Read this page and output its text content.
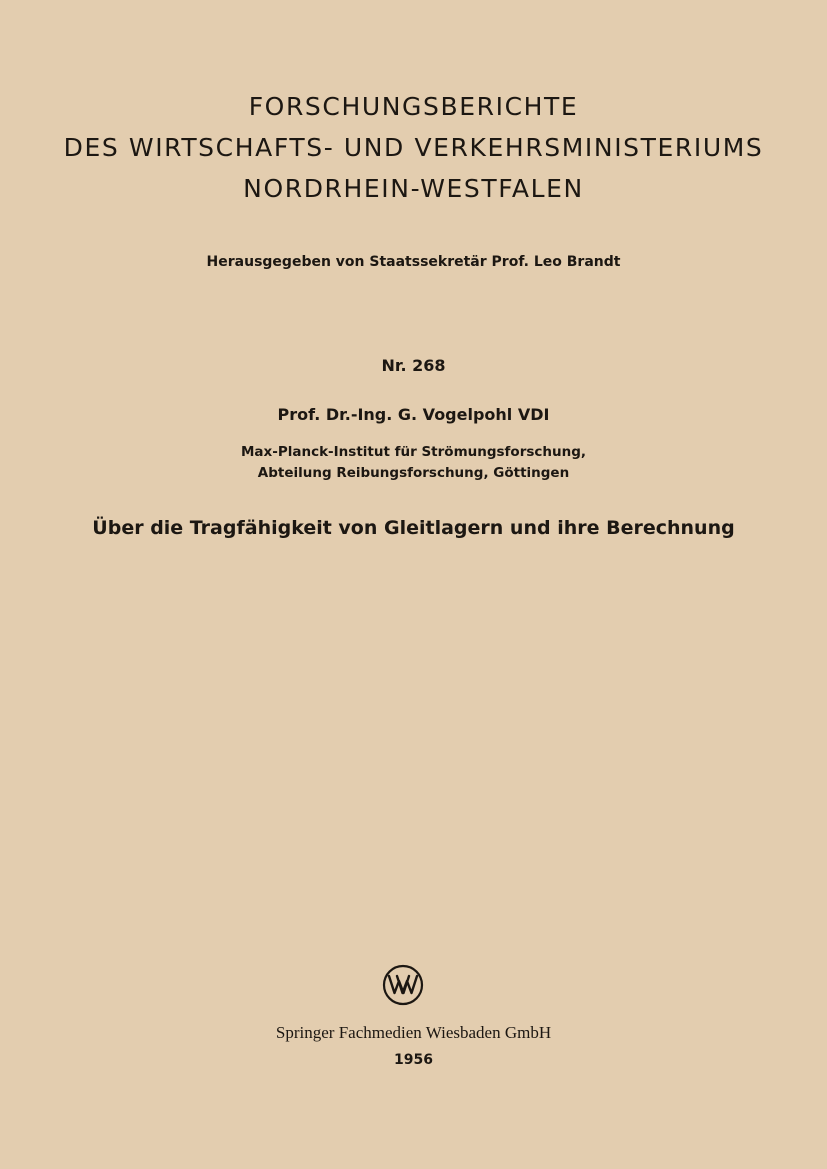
FORSCHUNGSBERICHTE
DES WIRTSCHAFTS- UND VERKEHRSMINISTERIUMS
NORDRHEIN-WESTFALEN
Herausgegeben von Staatssekretär Prof. Leo Brandt
Nr. 268
Prof. Dr.-Ing. G. Vogelpohl VDI
Max-Planck-Institut für Strömungsforschung,
Abteilung Reibungsforschung, Göttingen
Über die Tragfähigkeit von Gleitlagern und ihre Berechnung
Springer Fachmedien Wiesbaden GmbH
1956
